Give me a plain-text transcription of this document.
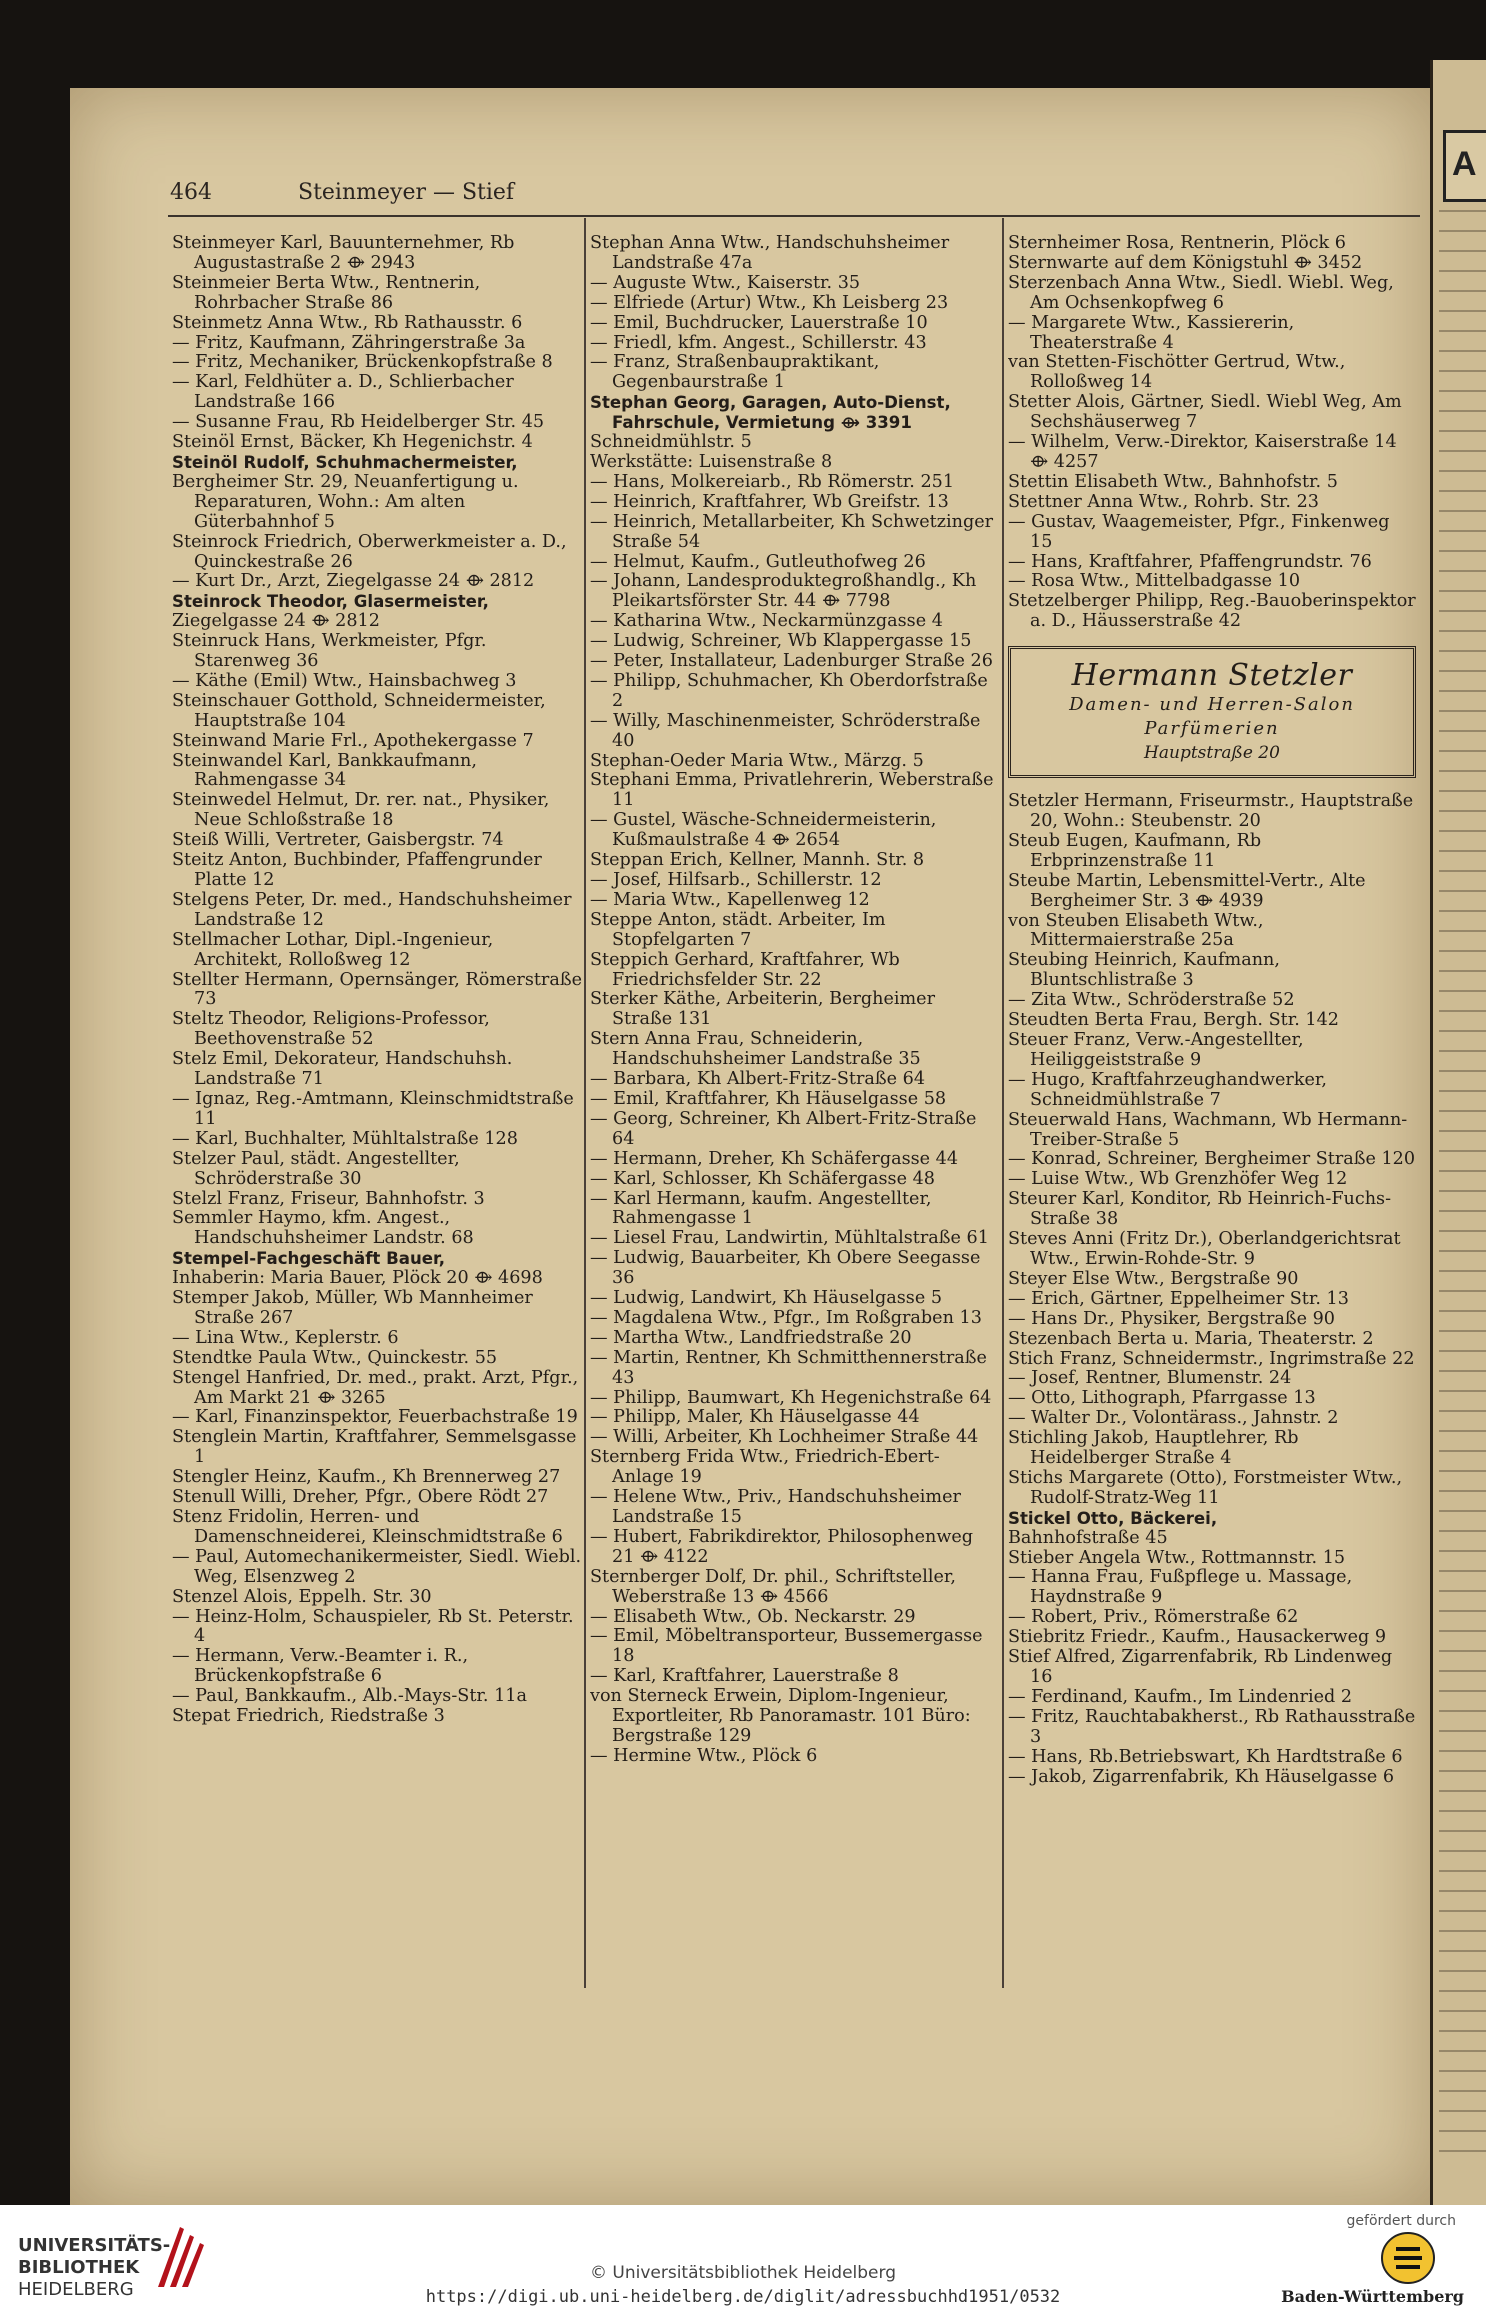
A
464	Steinmeyer — Stief
Steinmeyer Karl, Bauunternehmer, Rb Augustastraße 2 ⟴ 2943
Steinmeier Berta Wtw., Rentnerin, Rohrbacher Straße 86
Steinmetz Anna Wtw., Rb Rathausstr. 6
— Fritz, Kaufmann, Zähringerstraße 3a
— Fritz, Mechaniker, Brückenkopfstraße 8
— Karl, Feldhüter a. D., Schlierbacher Landstraße 166
— Susanne Frau, Rb Heidelberger Str. 45
Steinöl Ernst, Bäcker, Kh Hegenichstr. 4
Steinöl Rudolf, Schuhmachermeister,
Bergheimer Str. 29, Neuanfertigung u. Reparaturen, Wohn.: Am alten Güterbahnhof 5
Steinrock Friedrich, Oberwerkmeister a. D., Quinckestraße 26
— Kurt Dr., Arzt, Ziegelgasse 24 ⟴ 2812
Steinrock Theodor, Glasermeister,
Ziegelgasse 24 ⟴ 2812
Steinruck Hans, Werkmeister, Pfgr. Starenweg 36
— Käthe (Emil) Wtw., Hainsbachweg 3
Steinschauer Gotthold, Schneidermeister, Hauptstraße 104
Steinwand Marie Frl., Apothekergasse 7
Steinwandel Karl, Bankkaufmann, Rahmengasse 34
Steinwedel Helmut, Dr. rer. nat., Physiker, Neue Schloßstraße 18
Steiß Willi, Vertreter, Gaisbergstr. 74
Steitz Anton, Buchbinder, Pfaffengrunder Platte 12
Stelgens Peter, Dr. med., Handschuhsheimer Landstraße 12
Stellmacher Lothar, Dipl.-Ingenieur, Architekt, Rolloßweg 12
Stellter Hermann, Opernsänger, Römerstraße 73
Steltz Theodor, Religions-Professor, Beethovenstraße 52
Stelz Emil, Dekorateur, Handschuhsh. Landstraße 71
— Ignaz, Reg.-Amtmann, Kleinschmidtstraße 11
— Karl, Buchhalter, Mühltalstraße 128
Stelzer Paul, städt. Angestellter, Schröderstraße 30
Stelzl Franz, Friseur, Bahnhofstr. 3
Semmler Haymo, kfm. Angest., Handschuhsheimer Landstr. 68
Stempel-Fachgeschäft Bauer,
Inhaberin: Maria Bauer, Plöck 20 ⟴ 4698
Stemper Jakob, Müller, Wb Mannheimer Straße 267
— Lina Wtw., Keplerstr. 6
Stendtke Paula Wtw., Quinckestr. 55
Stengel Hanfried, Dr. med., prakt. Arzt, Pfgr., Am Markt 21 ⟴ 3265
— Karl, Finanzinspektor, Feuerbachstraße 19
Stenglein Martin, Kraftfahrer, Semmelsgasse 1
Stengler Heinz, Kaufm., Kh Brennerweg 27
Stenull Willi, Dreher, Pfgr., Obere Rödt 27
Stenz Fridolin, Herren- und Damenschneiderei, Kleinschmidtstraße 6
— Paul, Automechanikermeister, Siedl. Wiebl. Weg, Elsenzweg 2
Stenzel Alois, Eppelh. Str. 30
— Heinz-Holm, Schauspieler, Rb St. Peterstr. 4
— Hermann, Verw.-Beamter i. R., Brückenkopfstraße 6
— Paul, Bankkaufm., Alb.-Mays-Str. 11a
Stepat Friedrich, Riedstraße 3
Stephan Anna Wtw., Handschuhsheimer Landstraße 47a
— Auguste Wtw., Kaiserstr. 35
— Elfriede (Artur) Wtw., Kh Leisberg 23
— Emil, Buchdrucker, Lauerstraße 10
— Friedl, kfm. Angest., Schillerstr. 43
— Franz, Straßenbaupraktikant, Gegenbaurstraße 1
Stephan Georg, Garagen, Auto-Dienst, Fahrschule, Vermietung ⟴ 3391
Schneidmühlstr. 5
Werkstätte: Luisenstraße 8
— Hans, Molkereiarb., Rb Römerstr. 251
— Heinrich, Kraftfahrer, Wb Greifstr. 13
— Heinrich, Metallarbeiter, Kh Schwetzinger Straße 54
— Helmut, Kaufm., Gutleuthofweg 26
— Johann, Landesproduktegroßhandlg., Kh Pleikartsförster Str. 44 ⟴ 7798
— Katharina Wtw., Neckarmünzgasse 4
— Ludwig, Schreiner, Wb Klappergasse 15
— Peter, Installateur, Ladenburger Straße 26
— Philipp, Schuhmacher, Kh Oberdorfstraße 2
— Willy, Maschinenmeister, Schröderstraße 40
Stephan-Oeder Maria Wtw., Märzg. 5
Stephani Emma, Privatlehrerin, Weberstraße 11
— Gustel, Wäsche-Schneidermeisterin, Kußmaulstraße 4 ⟴ 2654
Steppan Erich, Kellner, Mannh. Str. 8
— Josef, Hilfsarb., Schillerstr. 12
— Maria Wtw., Kapellenweg 12
Steppe Anton, städt. Arbeiter, Im Stopfelgarten 7
Steppich Gerhard, Kraftfahrer, Wb Friedrichsfelder Str. 22
Sterker Käthe, Arbeiterin, Bergheimer Straße 131
Stern Anna Frau, Schneiderin, Handschuhsheimer Landstraße 35
— Barbara, Kh Albert-Fritz-Straße 64
— Emil, Kraftfahrer, Kh Häuselgasse 58
— Georg, Schreiner, Kh Albert-Fritz-Straße 64
— Hermann, Dreher, Kh Schäfergasse 44
— Karl, Schlosser, Kh Schäfergasse 48
— Karl Hermann, kaufm. Angestellter, Rahmengasse 1
— Liesel Frau, Landwirtin, Mühltalstraße 61
— Ludwig, Bauarbeiter, Kh Obere Seegasse 36
— Ludwig, Landwirt, Kh Häuselgasse 5
— Magdalena Wtw., Pfgr., Im Roßgraben 13
— Martha Wtw., Landfriedstraße 20
— Martin, Rentner, Kh Schmitthennerstraße 43
— Philipp, Baumwart, Kh Hegenichstraße 64
— Philipp, Maler, Kh Häuselgasse 44
— Willi, Arbeiter, Kh Lochheimer Straße 44
Sternberg Frida Wtw., Friedrich-Ebert-Anlage 19
— Helene Wtw., Priv., Handschuhsheimer Landstraße 15
— Hubert, Fabrikdirektor, Philosophenweg 21 ⟴ 4122
Sternberger Dolf, Dr. phil., Schriftsteller, Weberstraße 13 ⟴ 4566
— Elisabeth Wtw., Ob. Neckarstr. 29
— Emil, Möbeltransporteur, Bussemergasse 18
— Karl, Kraftfahrer, Lauerstraße 8
von Sterneck Erwein, Diplom-Ingenieur, Exportleiter, Rb Panoramastr. 101 Büro: Bergstraße 129
— Hermine Wtw., Plöck 6
Sternheimer Rosa, Rentnerin, Plöck 6
Sternwarte auf dem Königstuhl ⟴ 3452
Sterzenbach Anna Wtw., Siedl. Wiebl. Weg, Am Ochsenkopfweg 6
— Margarete Wtw., Kassiererin, Theaterstraße 4
van Stetten-Fischötter Gertrud, Wtw., Rolloßweg 14
Stetter Alois, Gärtner, Siedl. Wiebl Weg, Am Sechshäuserweg 7
— Wilhelm, Verw.-Direktor, Kaiserstraße 14 ⟴ 4257
Stettin Elisabeth Wtw., Bahnhofstr. 5
Stettner Anna Wtw., Rohrb. Str. 23
— Gustav, Waagemeister, Pfgr., Finkenweg 15
— Hans, Kraftfahrer, Pfaffengrundstr. 76
— Rosa Wtw., Mittelbadgasse 10
Stetzelberger Philipp, Reg.-Bauoberinspektor a. D., Häusserstraße 42
Hermann Stetzler
Damen- und Herren-Salon
Parfümerien
Hauptstraße 20
Stetzler Hermann, Friseurmstr., Hauptstraße 20, Wohn.: Steubenstr. 20
Steub Eugen, Kaufmann, Rb Erbprinzenstraße 11
Steube Martin, Lebensmittel-Vertr., Alte Bergheimer Str. 3 ⟴ 4939
von Steuben Elisabeth Wtw., Mittermaierstraße 25a
Steubing Heinrich, Kaufmann, Bluntschlistraße 3
— Zita Wtw., Schröderstraße 52
Steudten Berta Frau, Bergh. Str. 142
Steuer Franz, Verw.-Angestellter, Heiliggeiststraße 9
— Hugo, Kraftfahrzeughandwerker, Schneidmühlstraße 7
Steuerwald Hans, Wachmann, Wb Hermann-Treiber-Straße 5
— Konrad, Schreiner, Bergheimer Straße 120
— Luise Wtw., Wb Grenzhöfer Weg 12
Steurer Karl, Konditor, Rb Heinrich-Fuchs-Straße 38
Steves Anni (Fritz Dr.), Oberlandgerichtsrat Wtw., Erwin-Rohde-Str. 9
Steyer Else Wtw., Bergstraße 90
— Erich, Gärtner, Eppelheimer Str. 13
— Hans Dr., Physiker, Bergstraße 90
Stezenbach Berta u. Maria, Theaterstr. 2
Stich Franz, Schneidermstr., Ingrimstraße 22
— Josef, Rentner, Blumenstr. 24
— Otto, Lithograph, Pfarrgasse 13
— Walter Dr., Volontärass., Jahnstr. 2
Stichling Jakob, Hauptlehrer, Rb Heidelberger Straße 4
Stichs Margarete (Otto), Forstmeister Wtw., Rudolf-Stratz-Weg 11
Stickel Otto, Bäckerei,
Bahnhofstraße 45
Stieber Angela Wtw., Rottmannstr. 15
— Hanna Frau, Fußpflege u. Massage, Haydnstraße 9
— Robert, Priv., Römerstraße 62
Stiebritz Friedr., Kaufm., Hausackerweg 9
Stief Alfred, Zigarrenfabrik, Rb Lindenweg 16
— Ferdinand, Kaufm., Im Lindenried 2
— Fritz, Rauchtabakherst., Rb Rathausstraße 3
— Hans, Rb.Betriebswart, Kh Hardtstraße 6
— Jakob, Zigarrenfabrik, Kh Häuselgasse 6
UNIVERSITÄTS-
BIBLIOTHEK
HEIDELBERG
© Universitätsbibliothek Heidelberg
https://digi.ub.uni-heidelberg.de/diglit/adressbuchhd1951/0532
gefördert durch
Baden-Württemberg
